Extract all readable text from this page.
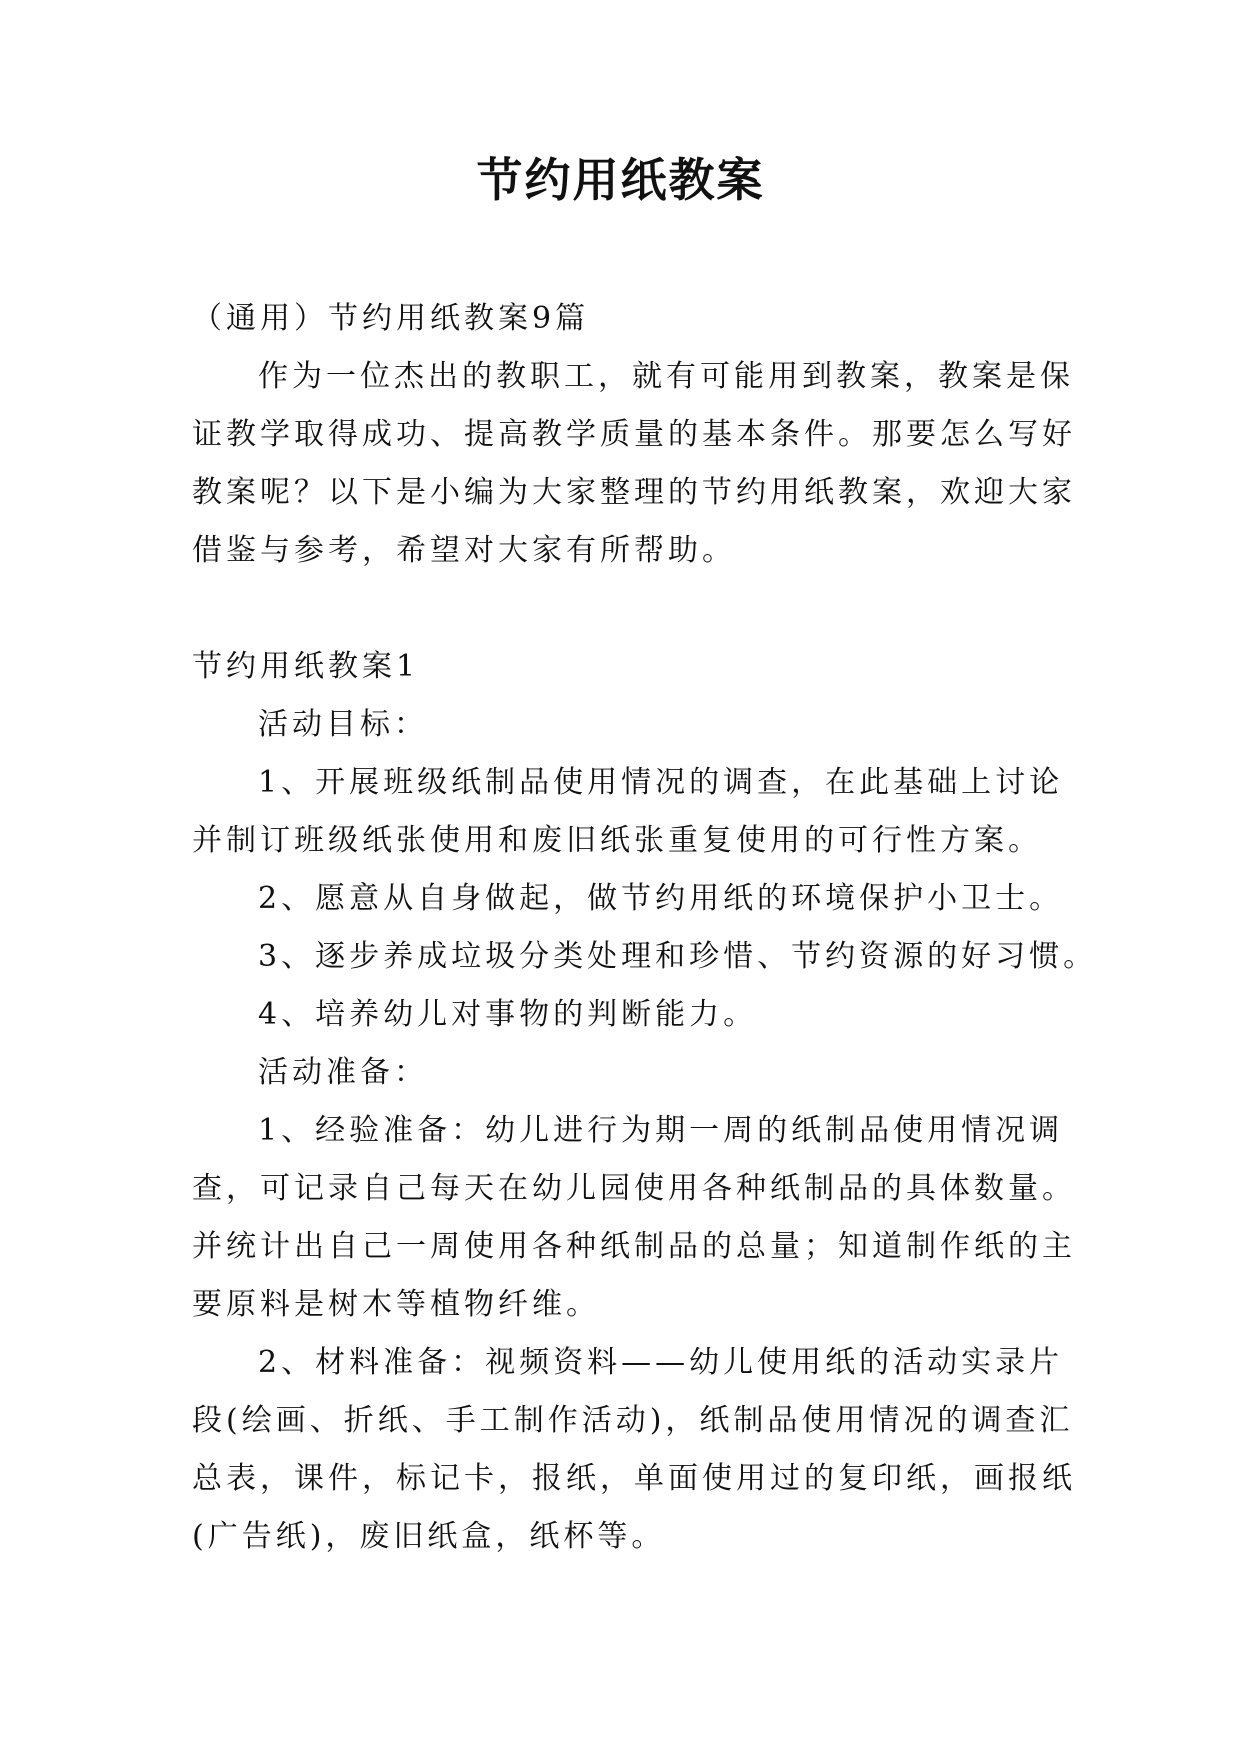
节约用纸教案
（通用）节约用纸教案9篇
作为一位杰出的教职工，就有可能用到教案，教案是保
证教学取得成功、提高教学质量的基本条件。那要怎么写好
教案呢？以下是小编为大家整理的节约用纸教案，欢迎大家
借鉴与参考，希望对大家有所帮助。
节约用纸教案1
活动目标：
1、开展班级纸制品使用情况的调查，在此基础上讨论
并制订班级纸张使用和废旧纸张重复使用的可行性方案。
2、愿意从自身做起，做节约用纸的环境保护小卫士。
3、逐步养成垃圾分类处理和珍惜、节约资源的好习惯。
4、培养幼儿对事物的判断能力。
活动准备：
1、经验准备：幼儿进行为期一周的纸制品使用情况调
查，可记录自己每天在幼儿园使用各种纸制品的具体数量。
并统计出自己一周使用各种纸制品的总量；知道制作纸的主
要原料是树木等植物纤维。
2、材料准备：视频资料——幼儿使用纸的活动实录片
段(绘画、折纸、手工制作活动)，纸制品使用情况的调查汇
总表，课件，标记卡，报纸，单面使用过的复印纸，画报纸
(广告纸)，废旧纸盒，纸杯等。
